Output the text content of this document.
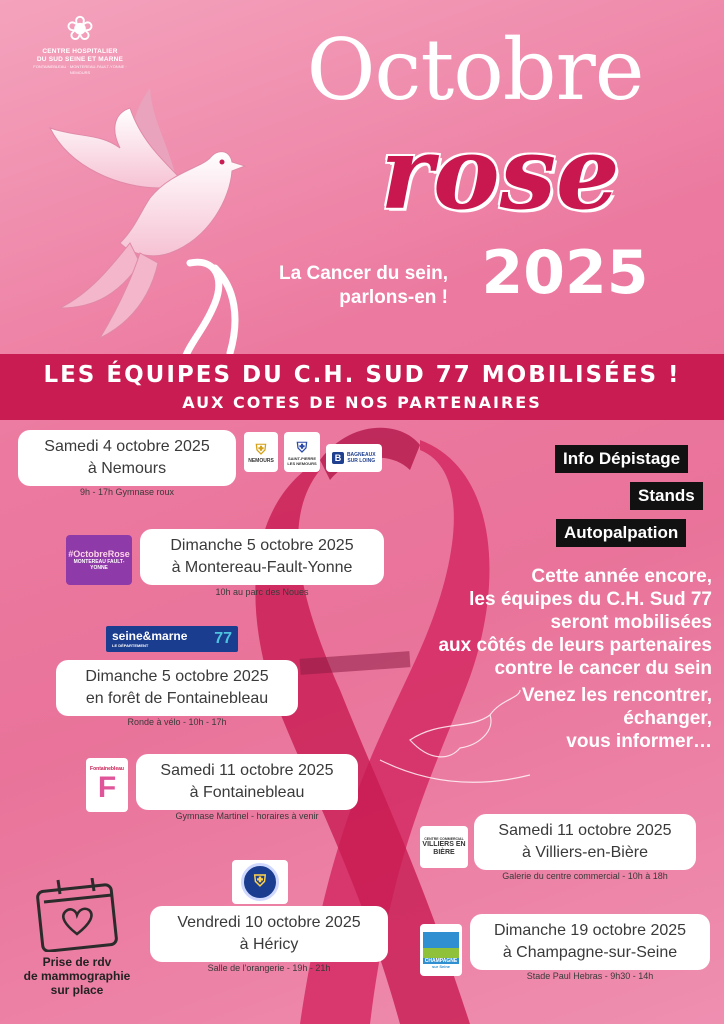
❀
CENTRE HOSPITALIER
DU SUD SEINE ET MARNE
FONTAINEBLEAU · MONTEREAU-FAULT-YONNE · NEMOURS	Octobre
rose
La Cancer du sein,
parlons-en ! 2025
LES ÉQUIPES DU C.H. SUD 77 MOBILISÉES !
AUX COTES DE NOS PARTENAIRES
Samedi 4 octobre 2025
à Nemours
9h - 17h Gymnase roux
⛨
NEMOURS
⛨
SAINT-PIERRE LES NEMOURS	B	BAGNEAUX SUR LOING
#OctobreRose
MONTEREAU FAULT-YONNE
Dimanche 5 octobre 2025
à Montereau-Fault-Yonne
10h au parc des Noues
seine&marne
LE DÉPARTEMENT	77
Dimanche 5 octobre 2025
en forêt de Fontainebleau
Ronde à vélo - 10h - 17h
Fontainebleau
F
Samedi 11 octobre 2025
à Fontainebleau
Gymnase Martinel - horaires à venir
CENTRE COMMERCIAL
VILLIERS EN BIÈRE
Samedi 11 octobre 2025
à Villiers-en-Bière
Galerie du centre commercial - 10h à 18h
⛨
Vendredi 10 octobre 2025
à Héricy
Salle de l'orangerie - 19h - 21h
CHAMPAGNE
sur Seine
Dimanche 19 octobre 2025
à Champagne-sur-Seine
Stade Paul Hebras - 9h30 - 14h
Info Dépistage
Stands
Autopalpation
Cette année encore,
les équipes du C.H. Sud 77
seront mobilisées
aux côtés de leurs partenaires
contre le cancer du sein
Venez les rencontrer,
échanger,
vous informer…
Prise de rdv
de mammographie
sur place
